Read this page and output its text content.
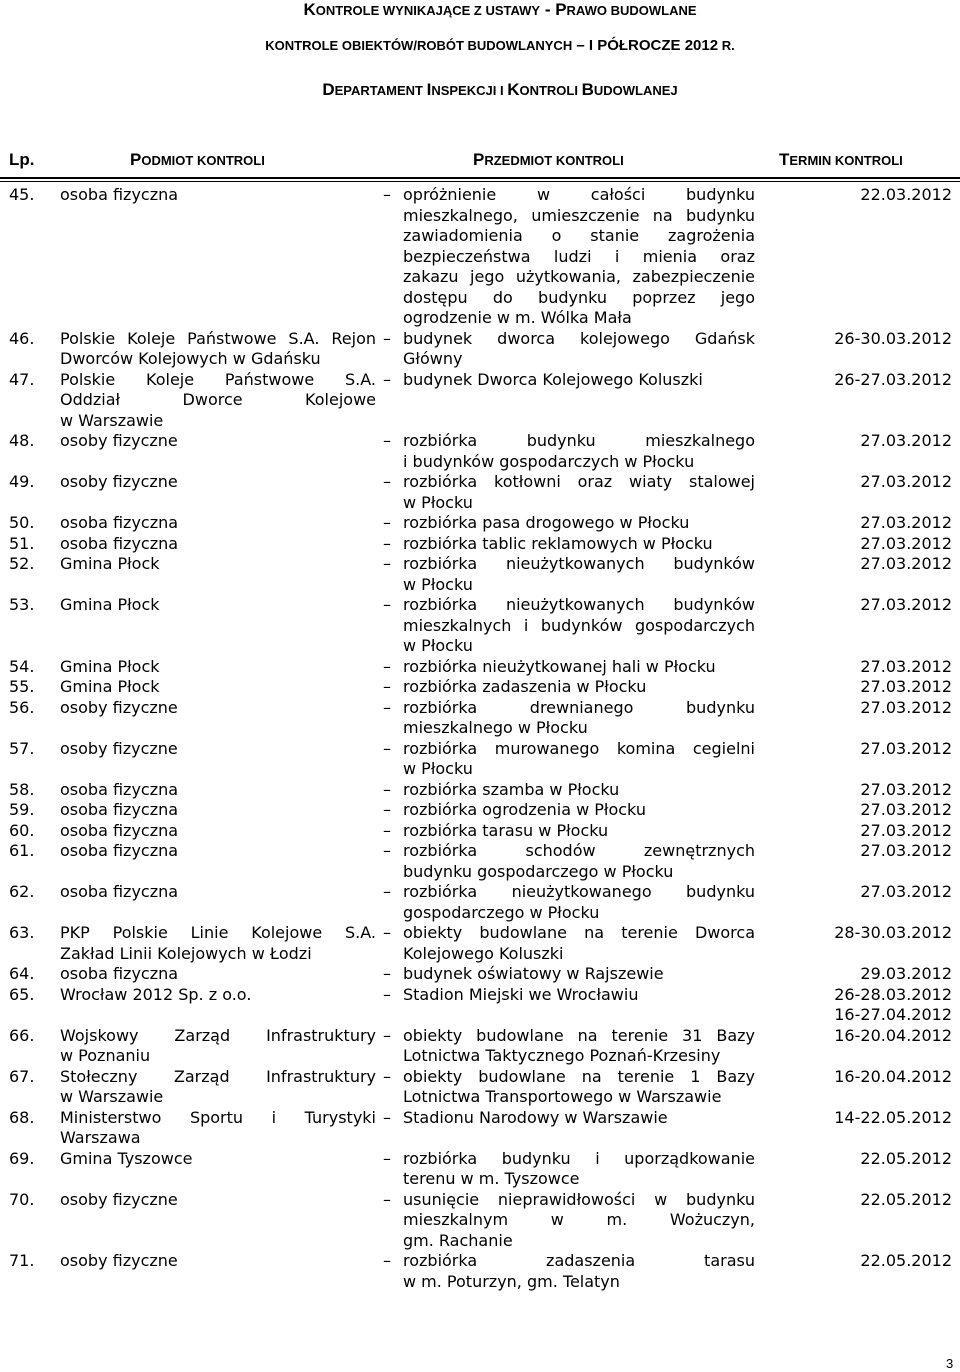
KONTROLE WYNIKAJĄCE Z USTAWY - PRAWO BUDOWLANE
KONTROLE OBIEKTÓW/ROBÓT BUDOWLANYCH – I PÓŁROCZE 2012 R.
DEPARTAMENT INSPEKCJI I KONTROLI BUDOWLANEJ
Lp.	PODMIOT KONTROLI	PRZEDMIOT KONTROLI	TERMIN KONTROLI
45.	osoba fizyczna	– opróżnienie w całości budynku
mieszkalnego, umieszczenie na budynku
zawiadomienia o stanie zagrożenia
bezpieczeństwa ludzi i mienia oraz
zakazu jego użytkowania, zabezpieczenie
dostępu do budynku poprzez jego
ogrodzenie w m. Wólka Mała
22.03.2012
46.	Polskie Koleje Państwowe S.A. Rejon
Dworców Kolejowych w Gdańsku
– budynek dworca kolejowego Gdańsk
Główny
26-30.03.2012
47.	Polskie Koleje Państwowe S.A.
Oddział Dworce Kolejowe
w Warszawie
– budynek Dworca Kolejowego Koluszki	26-27.03.2012
48.	osoby fizyczne	– rozbiórka budynku mieszkalnego
i budynków gospodarczych w Płocku
27.03.2012
49.	osoby fizyczne	– rozbiórka kotłowni oraz wiaty stalowej
w Płocku
27.03.2012
50.	osoba fizyczna	– rozbiórka pasa drogowego w Płocku	27.03.2012
51.	osoba fizyczna	– rozbiórka tablic reklamowych w Płocku	27.03.2012
52.	Gmina Płock	– rozbiórka nieużytkowanych budynków
w Płocku
27.03.2012
53.	Gmina Płock	– rozbiórka nieużytkowanych budynków
mieszkalnych i budynków gospodarczych
w Płocku
27.03.2012
54.	Gmina Płock	– rozbiórka nieużytkowanej hali w Płocku	27.03.2012
55.	Gmina Płock	– rozbiórka zadaszenia w Płocku	27.03.2012
56.	osoby fizyczne	– rozbiórka drewnianego budynku
mieszkalnego w Płocku
27.03.2012
57.	osoby fizyczne	– rozbiórka murowanego komina cegielni
w Płocku
27.03.2012
58.	osoba fizyczna	– rozbiórka szamba w Płocku	27.03.2012
59.	osoba fizyczna	– rozbiórka ogrodzenia w Płocku	27.03.2012
60.	osoba fizyczna	– rozbiórka tarasu w Płocku	27.03.2012
61.	osoba fizyczna	– rozbiórka schodów zewnętrznych
budynku gospodarczego w Płocku
27.03.2012
62.	osoba fizyczna	– rozbiórka nieużytkowanego budynku
gospodarczego w Płocku
27.03.2012
63.	PKP Polskie Linie Kolejowe S.A.
Zakład Linii Kolejowych w Łodzi
– obiekty budowlane na terenie Dworca
Kolejowego Koluszki
28-30.03.2012
64.	osoba fizyczna	– budynek oświatowy w Rajszewie	29.03.2012
65.	Wrocław 2012 Sp. z o.o.	– Stadion Miejski we Wrocławiu	26-28.03.2012
16-27.04.2012
66.	Wojskowy Zarząd Infrastruktury
w Poznaniu
– obiekty budowlane na terenie 31 Bazy
Lotnictwa Taktycznego Poznań-Krzesiny
16-20.04.2012
67.	Stołeczny Zarząd Infrastruktury
w Warszawie
– obiekty budowlane na terenie 1 Bazy
Lotnictwa Transportowego w Warszawie
16-20.04.2012
68.	Ministerstwo Sportu i Turystyki
Warszawa
– Stadionu Narodowy w Warszawie	14-22.05.2012
69.	Gmina Tyszowce	– rozbiórka budynku i uporządkowanie
terenu w m. Tyszowce
22.05.2012
70.	osoby fizyczne	– usunięcie nieprawidłowości w budynku
mieszkalnym w m. Wożuczyn,
gm. Rachanie
22.05.2012
71.	osoby fizyczne	– rozbiórka zadaszenia tarasu
w m. Poturzyn, gm. Telatyn
22.05.2012
3
